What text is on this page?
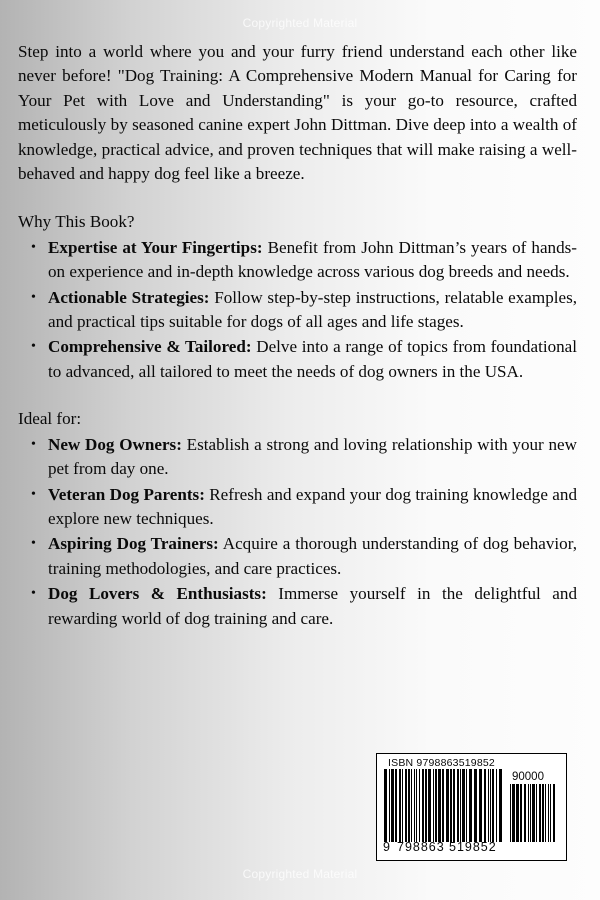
Copyrighted Material

Step into a world where you and your furry friend understand each other like never before! "Dog Training: A Comprehensive Modern Manual for Caring for Your Pet with Love and Understanding" is your go-to resource, crafted meticulously by seasoned canine expert John Dittman. Dive deep into a wealth of knowledge, practical advice, and proven techniques that will make raising a well-behaved and happy dog feel like a breeze.

Why This Book?

• Expertise at Your Fingertips: Benefit from John Dittman’s years of hands-on experience and in-depth knowledge across various dog breeds and needs.
• Actionable Strategies: Follow step-by-step instructions, relatable examples, and practical tips suitable for dogs of all ages and life stages.
• Comprehensive & Tailored: Delve into a range of topics from foundational to advanced, all tailored to meet the needs of dog owners in the USA.

Ideal for:

• New Dog Owners: Establish a strong and loving relationship with your new pet from day one.
• Veteran Dog Parents: Refresh and expand your dog training knowledge and explore new techniques.
• Aspiring Dog Trainers: Acquire a thorough understanding of dog behavior, training methodologies, and care practices.
• Dog Lovers & Enthusiasts: Immerse yourself in the delightful and rewarding world of dog training and care.
ISBN 9798863519852
90000
9 798863 519852
Copyrighted Material
